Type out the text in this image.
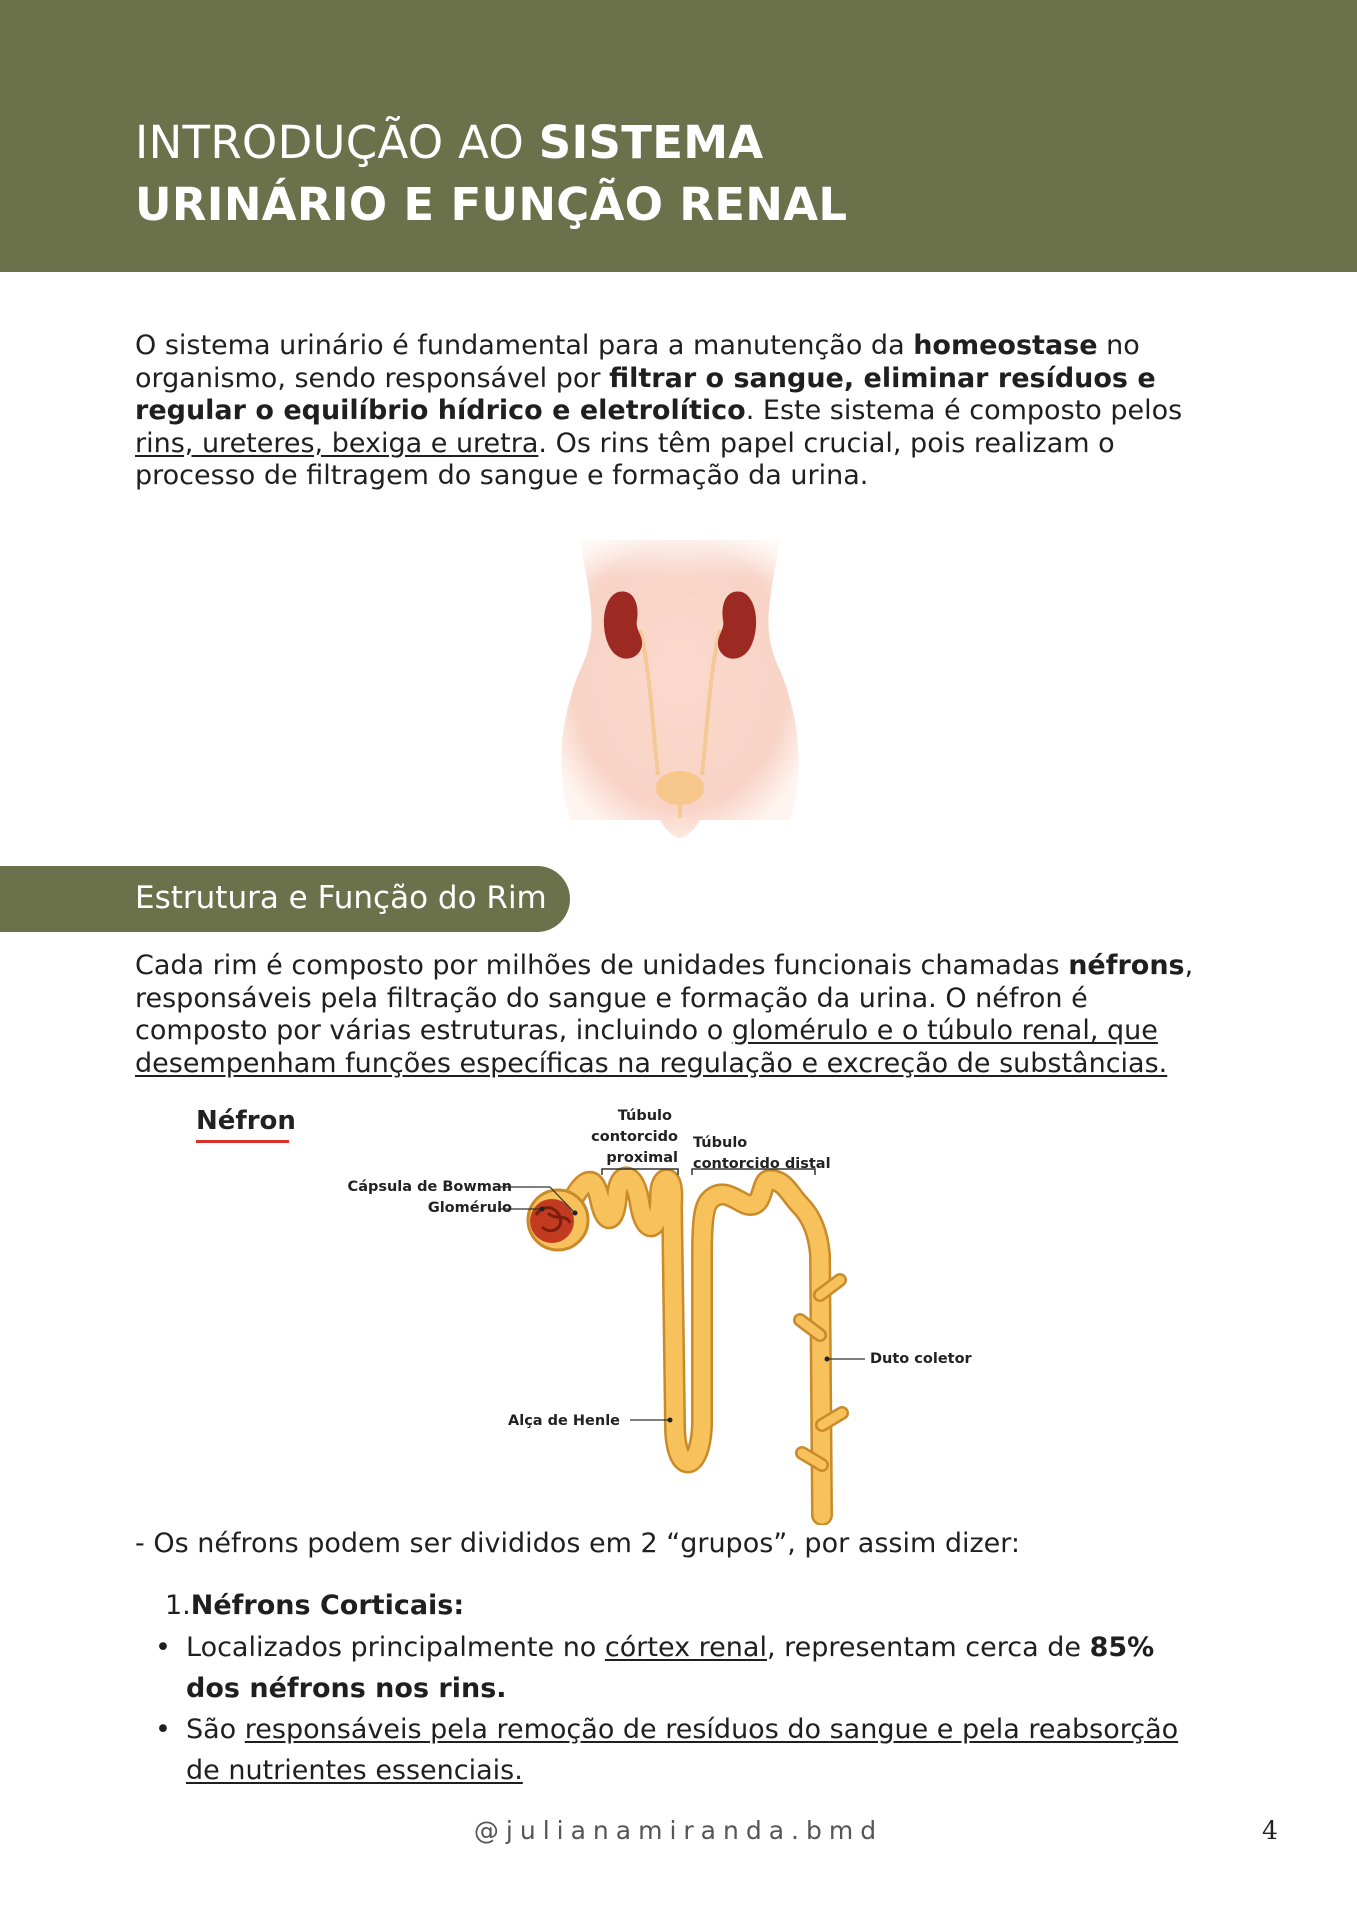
INTRODUÇÃO AO SISTEMA
URINÁRIO E FUNÇÃO RENAL
O sistema urinário é fundamental para a manutenção da homeostase no organismo, sendo responsável por filtrar o sangue, eliminar resíduos e regular o equilíbrio hídrico e eletrolítico. Este sistema é composto pelos rins, ureteres, bexiga e uretra. Os rins têm papel crucial, pois realizam o processo de filtragem do sangue e formação da urina.
Estrutura e Função do Rim
Cada rim é composto por milhões de unidades funcionais chamadas néfrons, responsáveis pela filtração do sangue e formação da urina. O néfron é composto por várias estruturas, incluindo o glomérulo e o túbulo renal, que desempenham funções específicas na regulação e excreção de substâncias.
Néfron	Túbulo
contorcido
proximal
Túbulo
contorcido distal
Cápsula de Bowman
Glomérulo
Duto coletor
Alça de Henle
- Os néfrons podem ser divididos em 2 “grupos”, por assim dizer:
1.Néfrons Corticais:
• Localizados principalmente no córtex renal, representam cerca de 85% dos néfrons nos rins.
• São responsáveis pela remoção de resíduos do sangue e pela reabsorção de nutrientes essenciais.
@julianamiranda.bmd	4
